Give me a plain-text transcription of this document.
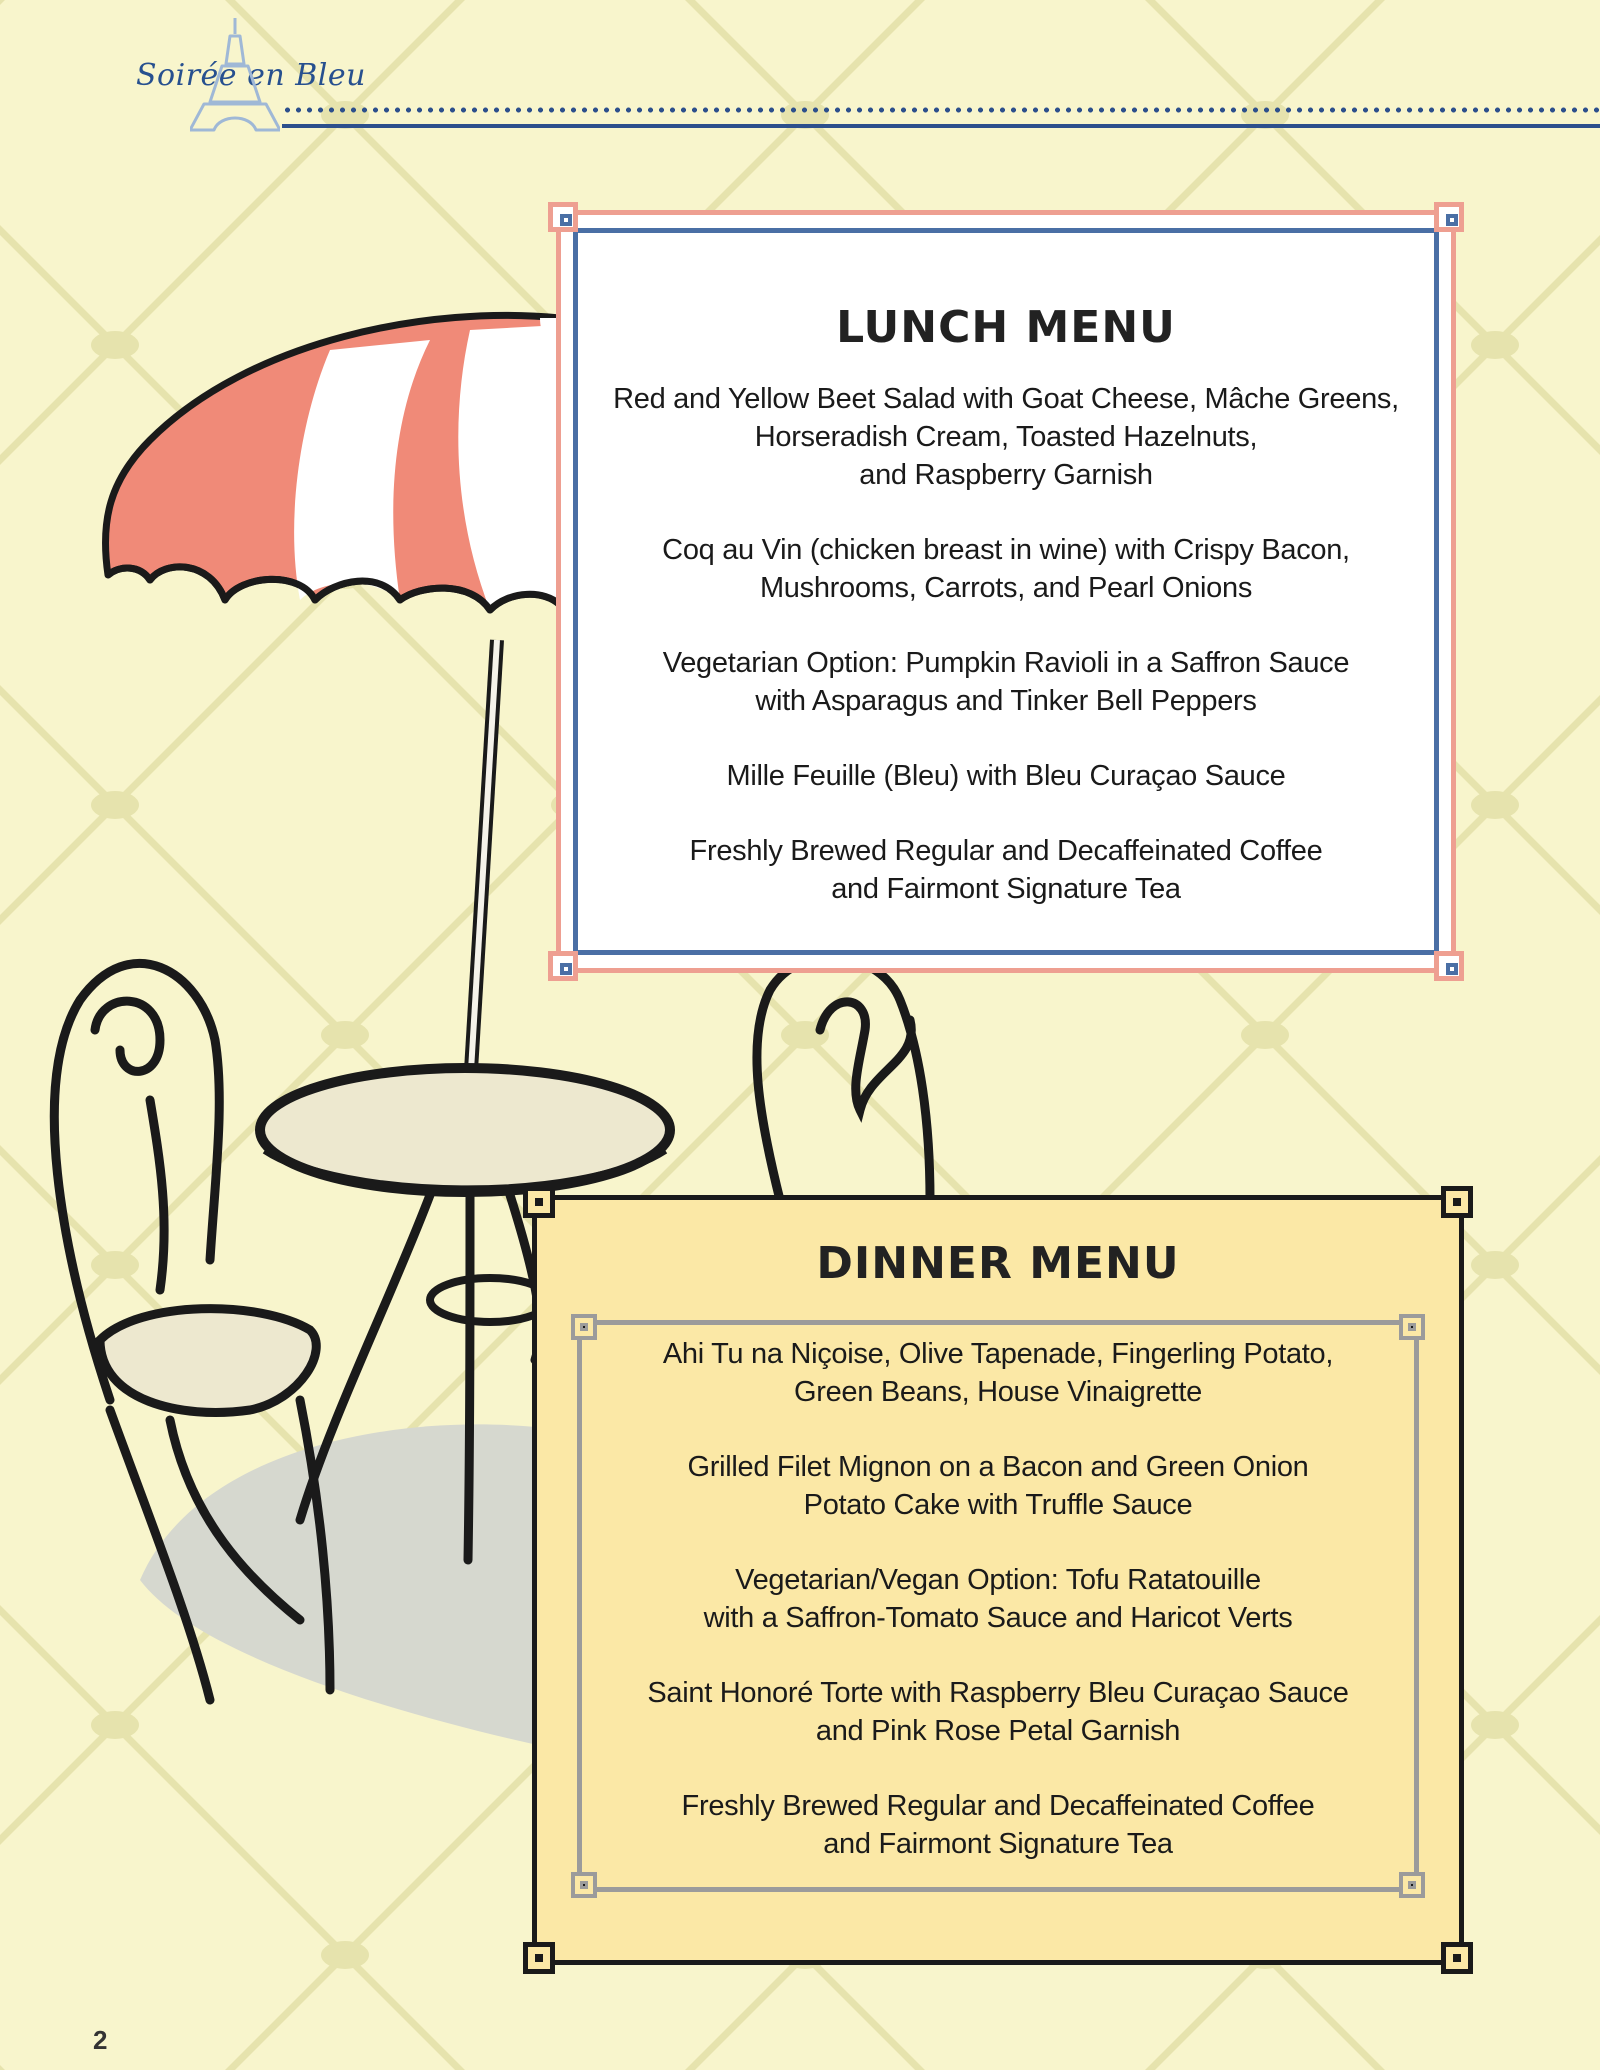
Soirée en Bleu
LUNCH MENU
Red and Yellow Beet Salad with Goat Cheese, Mâche Greens,
Horseradish Cream, Toasted Hazelnuts,
and Raspberry Garnish
Coq au Vin (chicken breast in wine) with Crispy Bacon,
Mushrooms, Carrots, and Pearl Onions
Vegetarian Option: Pumpkin Ravioli in a Saffron Sauce
with Asparagus and Tinker Bell Peppers
Mille Feuille (Bleu) with Bleu Curaçao Sauce
Freshly Brewed Regular and Decaffeinated Coffee
and Fairmont Signature Tea
DINNER MENU
Ahi Tu na Niçoise, Olive Tapenade, Fingerling Potato,
Green Beans, House Vinaigrette
Grilled Filet Mignon on a Bacon and Green Onion
Potato Cake with Truffle Sauce
Vegetarian/Vegan Option: Tofu Ratatouille
with a Saffron-Tomato Sauce and Haricot Verts
Saint Honoré Torte with Raspberry Bleu Curaçao Sauce
and Pink Rose Petal Garnish
Freshly Brewed Regular and Decaffeinated Coffee
and Fairmont Signature Tea
2
